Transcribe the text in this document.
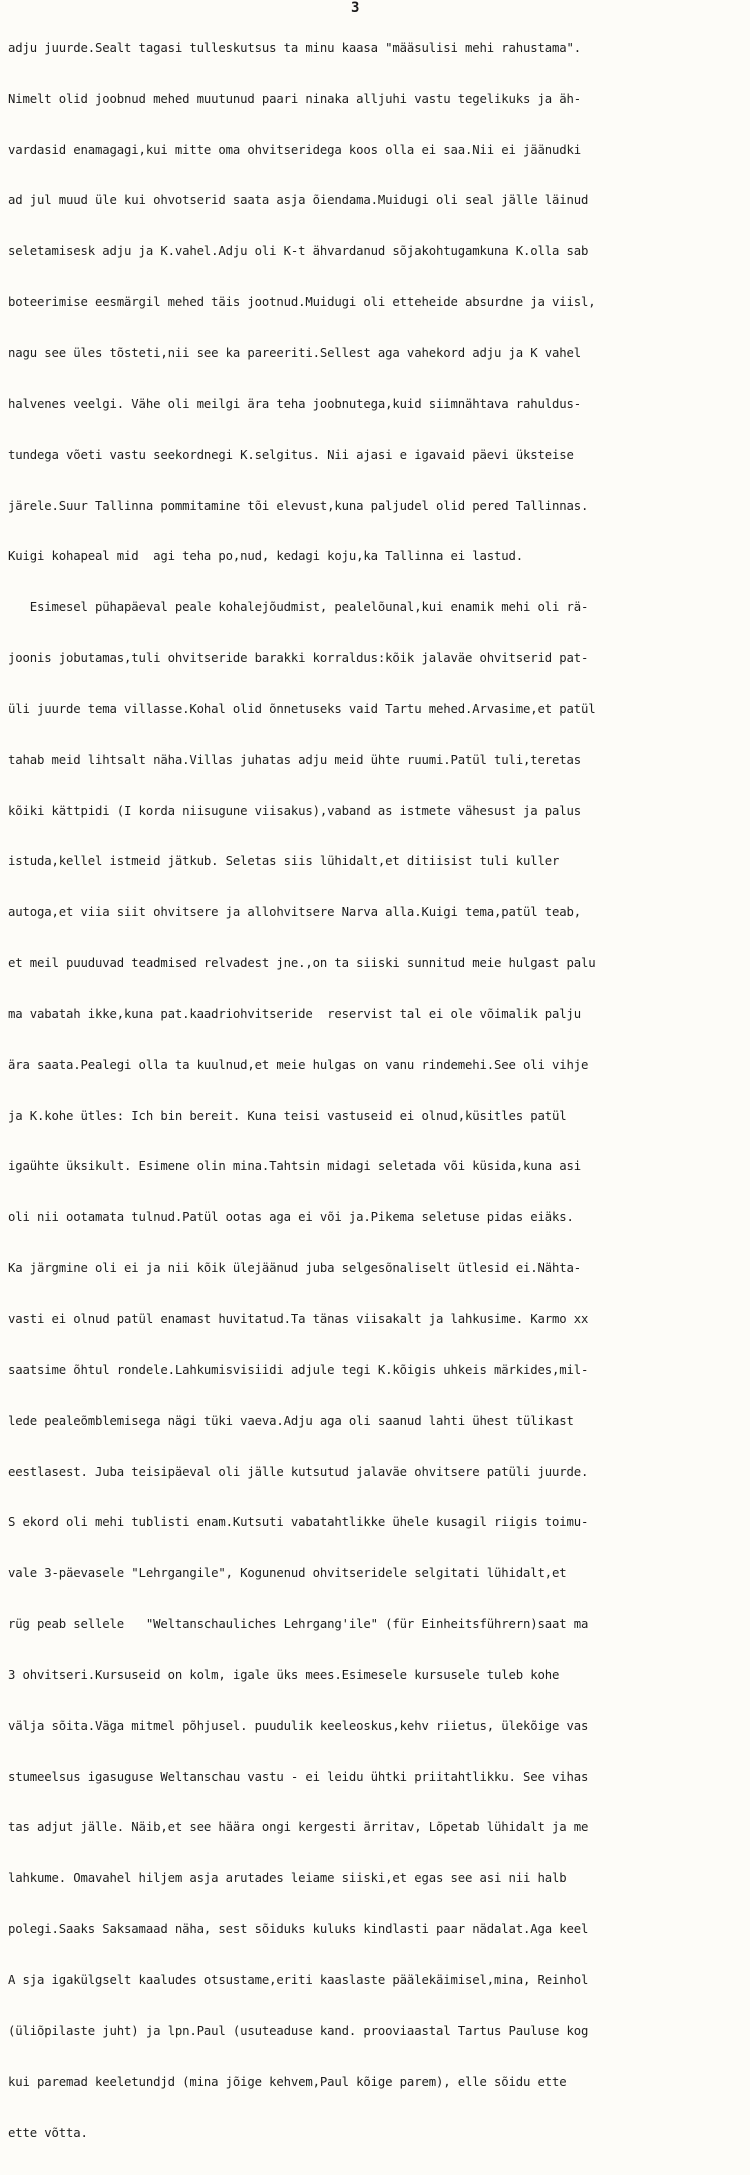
3

adju juurde.Sealt tagasi tulleskutsus ta minu kaasa "määsulisi mehi rahustama".

Nimelt olid joobnud mehed muutunud paari ninaka alljuhi vastu tegelikuks ja äh-

vardasid enamagagi,kui mitte oma ohvitseridega koos olla ei saa.Nii ei jäänudki

ad jul muud üle kui ohvotserid saata asja õiendama.Muidugi oli seal jälle läinud

seletamisesk adju ja K.vahel.Adju oli K-t ähvardanud sõjakohtugamkuna K.olla sab

boteerimise eesmärgil mehed täis jootnud.Muidugi oli etteheide absurdne ja viisl,

nagu see üles tõsteti,nii see ka pareeriti.Sellest aga vahekord adju ja K vahel

halvenes veelgi. Vähe oli meilgi ära teha joobnutega,kuid siimnähtava rahuldus-

tundega võeti vastu seekordnegi K.selgitus. Nii ajasi e igavaid päevi üksteise

järele.Suur Tallinna pommitamine tõi elevust,kuna paljudel olid pered Tallinnas.

Kuigi kohapeal mid  agi teha po,nud, kedagi koju,ka Tallinna ei lastud.

Esimesel pühapäeval peale kohalejõudmist, pealelõunal,kui enamik mehi oli rä-

joonis jobutamas,tuli ohvitseride barakki korraldus:kõik jalaväe ohvitserid pat-

üli juurde tema villasse.Kohal olid õnnetuseks vaid Tartu mehed.Arvasime,et patül

tahab meid lihtsalt näha.Villas juhatas adju meid ühte ruumi.Patül tuli,teretas

kõiki kättpidi (I korda niisugune viisakus),vaband as istmete vähesust ja palus

istuda,kellel istmeid jätkub. Seletas siis lühidalt,et ditiisist tuli kuller

autoga,et viia siit ohvitsere ja allohvitsere Narva alla.Kuigi tema,patül teab,

et meil puuduvad teadmised relvadest jne.,on ta siiski sunnitud meie hulgast palu

ma vabatah ikke,kuna pat.kaadriohvitseride  reservist tal ei ole võimalik palju

ära saata.Pealegi olla ta kuulnud,et meie hulgas on vanu rindemehi.See oli vihje

ja K.kohe ütles: Ich bin bereit. Kuna teisi vastuseid ei olnud,küsitles patül

igaühte üksikult. Esimene olin mina.Tahtsin midagi seletada või küsida,kuna asi

oli nii ootamata tulnud.Patül ootas aga ei või ja.Pikema seletuse pidas eiäks.

Ka järgmine oli ei ja nii kõik ülejäänud juba selgesõnaliselt ütlesid ei.Nähta-

vasti ei olnud patül enamast huvitatud.Ta tänas viisakalt ja lahkusime. Karmo xx

saatsime õhtul rondele.Lahkumisvisiidi adjule tegi K.kõigis uhkeis märkides,mil-

lede pealeõmblemisega nägi tüki vaeva.Adju aga oli saanud lahti ühest tülikast

eestlasest. Juba teisipäeval oli jälle kutsutud jalaväe ohvitsere patüli juurde.

S ekord oli mehi tublisti enam.Kutsuti vabatahtlikke ühele kusagil riigis toimu-

vale 3-päevasele "Lehrgangile", Kogunenud ohvitseridele selgitati lühidalt,et

rüg peab sellele   "Weltanschauliches Lehrgang'ile" (für Einheitsführern)saat ma

3 ohvitseri.Kursuseid on kolm, igale üks mees.Esimesele kursusele tuleb kohe

välja sõita.Väga mitmel põhjusel. puudulik keeleoskus,kehv riietus, ülekõige vas

stumeelsus igasuguse Weltanschau vastu - ei leidu ühtki priitahtlikku. See vihas

tas adjut jälle. Näib,et see häära ongi kergesti ärritav, Lõpetab lühidalt ja me

lahkume. Omavahel hiljem asja arutades leiame siiski,et egas see asi nii halb

polegi.Saaks Saksamaad näha, sest sõiduks kuluks kindlasti paar nädalat.Aga keel

A sja igakülgselt kaaludes otsustame,eriti kaaslaste päälekäimisel,mina, Reinhol

(üliõpilaste juht) ja lpn.Paul (usuteaduse kand. prooviaastal Tartus Pauluse kog

kui paremad keeletundjd (mina jõige kehvem,Paul kõige parem), elle sõidu ette

ette võtta.
